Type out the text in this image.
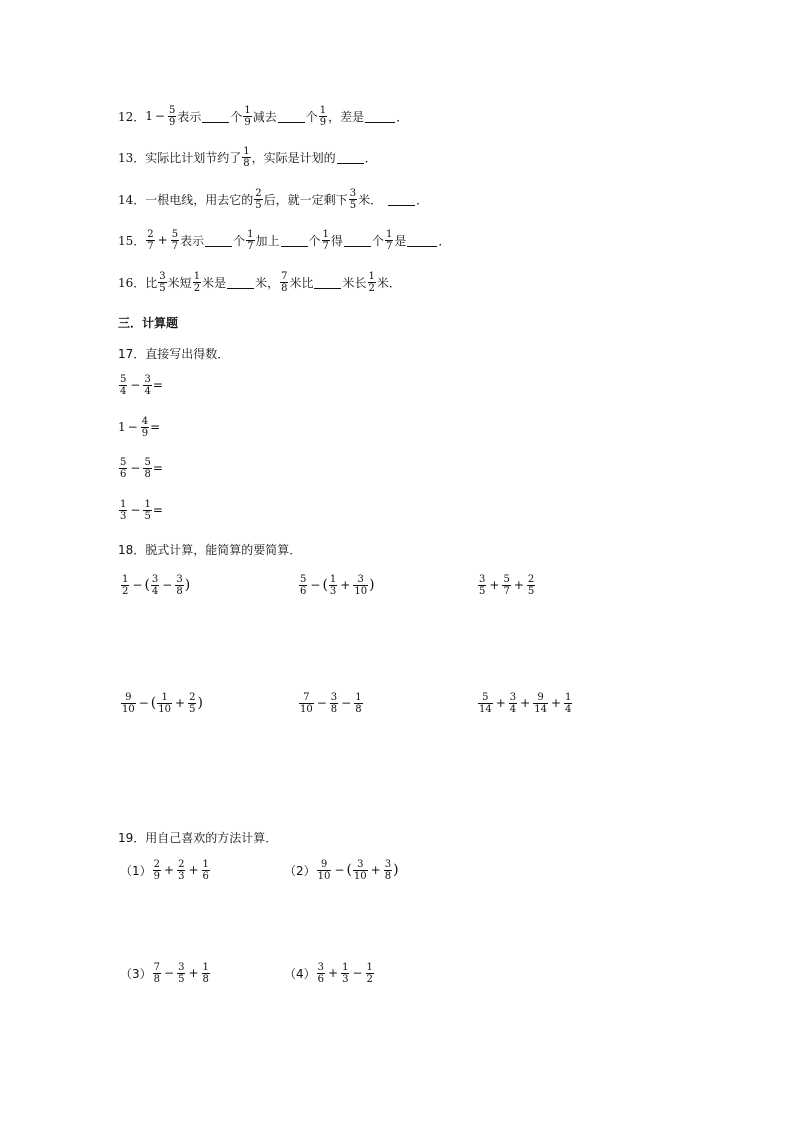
12． $1 - \frac{5}{9}$ 表示 个 $\frac{1}{9}$ 减去 个 $\frac{1}{9}$ ，差是	．
13． 实际比计划节约了 $\frac{1}{8}$ ，实际是计划的 ．
14． 一根电线，用去它的 $\frac{2}{5}$ 后，就一定剩下 $\frac{3}{5}$ 米．	．
15． $\frac{2}{7} + \frac{5}{7}$ 表示 个 $\frac{1}{7}$ 加上 个 $\frac{1}{7}$ 得 个 $\frac{1}{7}$ 是	．
16． 比 $\frac{3}{5}$ 米短 $\frac{1}{2}$ 米是 米， $\frac{7}{8}$ 米比 米长 $\frac{1}{2}$ 米．
三．计算题
17．直接写出得数．
$\frac{5}{4} - \frac{3}{4}$ =
$1 - \frac{4}{9}$ =
$\frac{5}{6} - \frac{5}{8}$ =
$\frac{1}{3} - \frac{1}{5}$ =
18．脱式计算，能简算的要简算．
$\frac{1}{2}$ − ( $\frac{3}{4} - \frac{3}{8}$ )	$\frac{5}{6}$ − ( $\frac{1}{3} + \frac{3}{10}$ )	$\frac{3}{5} + \frac{5}{7} + \frac{2}{5}$
$\frac{9}{10}$ − ( $\frac{1}{10} + \frac{2}{5}$ )	$\frac{7}{10} - \frac{3}{8} - \frac{1}{8}$	$\frac{5}{14} + \frac{3}{4} + \frac{9}{14} + \frac{1}{4}$
19．用自己喜欢的方法计算．
$(1) \frac{2}{9} + \frac{2}{3} + \frac{1}{6}$	$(2) \frac{9}{10}$ − ( $\frac{3}{10} + \frac{3}{8}$ )
$(3) \frac{7}{8} - \frac{3}{5} + \frac{1}{8}$	$(4) \frac{3}{6} + \frac{1}{3} - \frac{1}{2}$
